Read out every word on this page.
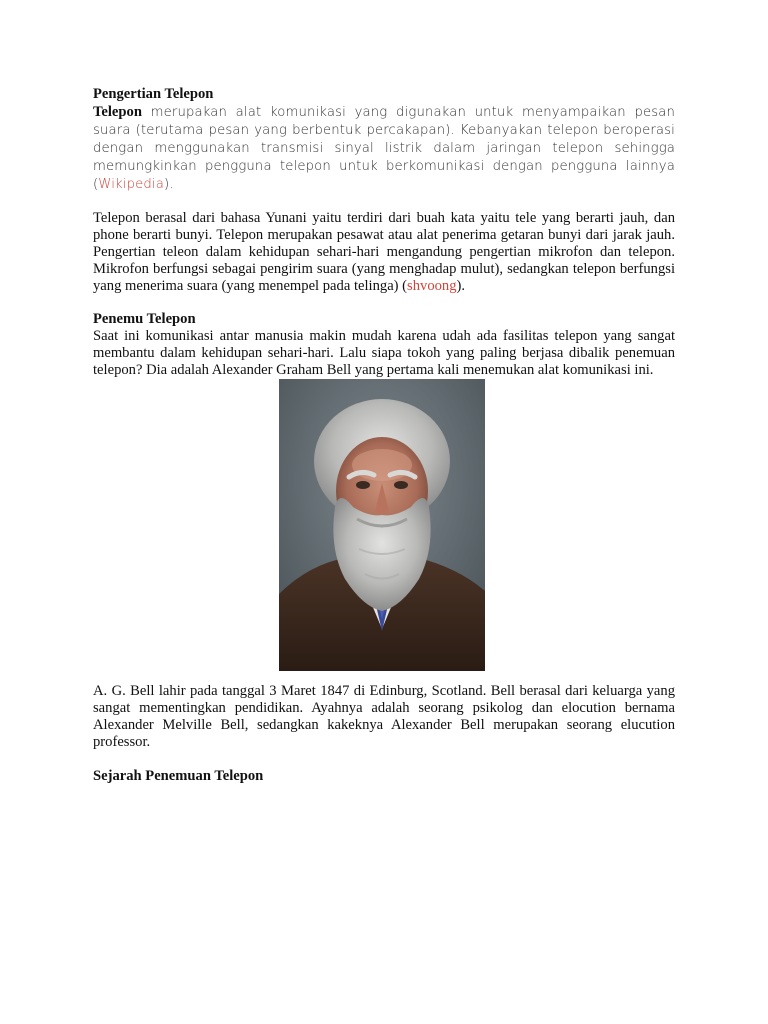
Pengertian Telepon

Telepon merupakan alat komunikasi yang digunakan untuk menyampaikan pesan suara (terutama pesan yang berbentuk percakapan). Kebanyakan telepon beroperasi dengan menggunakan transmisi sinyal listrik dalam jaringan telepon sehingga memungkinkan pengguna telepon untuk berkomunikasi dengan pengguna lainnya (Wikipedia).

Telepon berasal dari bahasa Yunani yaitu terdiri dari buah kata yaitu tele yang berarti jauh, dan phone berarti bunyi. Telepon merupakan pesawat atau alat penerima getaran bunyi dari jarak jauh. Pengertian teleon dalam kehidupan sehari-hari mengandung pengertian mikrofon dan telepon. Mikrofon berfungsi sebagai pengirim suara (yang menghadap mulut), sedangkan telepon berfungsi yang menerima suara (yang menempel pada telinga) (shvoong).

Penemu Telepon

Saat ini komunikasi antar manusia makin mudah karena udah ada fasilitas telepon yang sangat membantu dalam kehidupan sehari-hari. Lalu siapa tokoh yang paling berjasa dibalik penemuan telepon? Dia adalah Alexander Graham Bell yang pertama kali menemukan alat komunikasi ini.

A. G. Bell lahir pada tanggal 3 Maret 1847 di Edinburg, Scotland. Bell berasal dari keluarga yang sangat mementingkan pendidikan. Ayahnya adalah seorang psikolog dan elocution bernama Alexander Melville Bell, sedangkan kakeknya Alexander Bell merupakan seorang elucution professor.

Sejarah Penemuan Telepon
